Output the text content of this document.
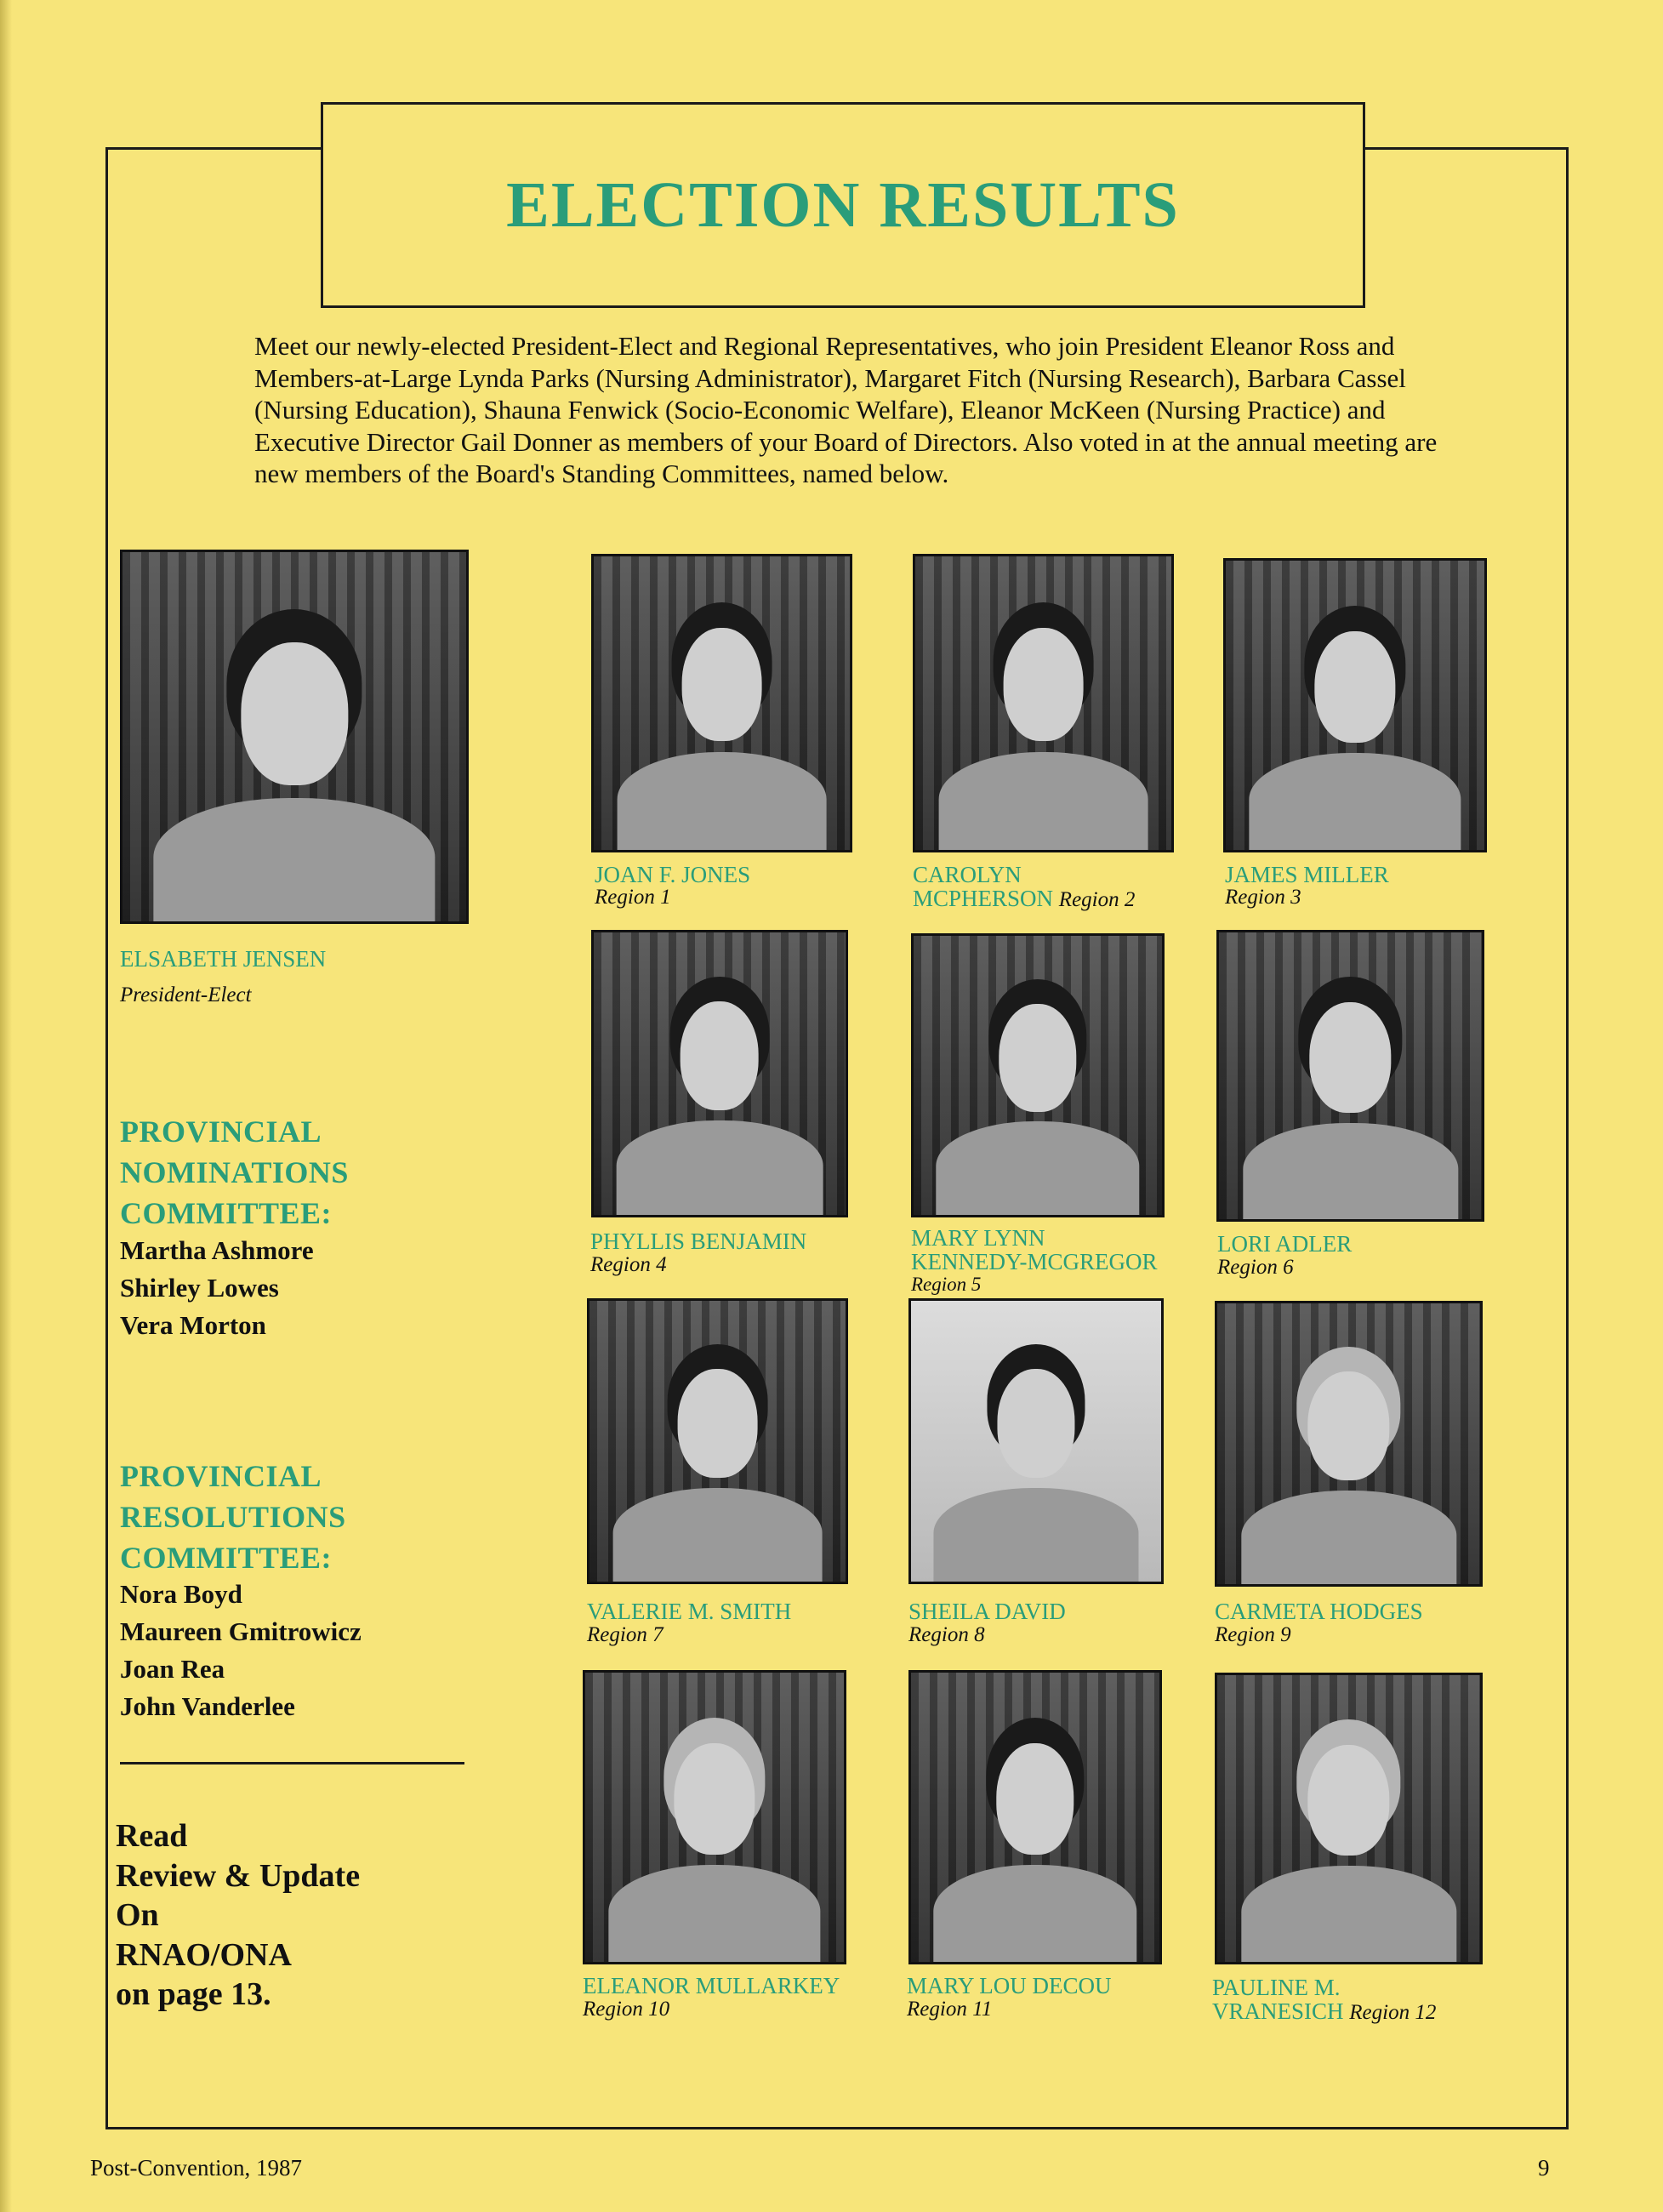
ELECTION RESULTS

Meet our newly-elected President-Elect and Regional Representatives, who join President Eleanor Ross and Members-at-Large Lynda Parks (Nursing Administrator), Margaret Fitch (Nursing Research), Barbara Cassel (Nursing Education), Shauna Fenwick (Socio-Economic Welfare), Eleanor McKeen (Nursing Practice) and Executive Director Gail Donner as members of your Board of Directors. Also voted in at the annual meeting are new members of the Board's Standing Committees, named below.

ELSABETH JENSEN
President-Elect
JOAN F. JONES
Region 1
CAROLYN
MCPHERSON Region 2
JAMES MILLER
Region 3
PHYLLIS BENJAMIN
Region 4
MARY LYNN
KENNEDY-MCGREGOR
Region 5
LORI ADLER
Region 6
VALERIE M. SMITH
Region 7
SHEILA DAVID
Region 8
CARMETA HODGES
Region 9
ELEANOR MULLARKEY
Region 10
MARY LOU DECOU
Region 11
PAULINE M.
VRANESICH Region 12
PROVINCIAL
NOMINATIONS
COMMITTEE:
Martha Ashmore
Shirley Lowes
Vera Morton
PROVINCIAL
RESOLUTIONS
COMMITTEE:
Nora Boyd
Maureen Gmitrowicz
Joan Rea
John Vanderlee

Read
Review & Update
On
RNAO/ONA
on page 13.

Post-Convention, 1987	9
